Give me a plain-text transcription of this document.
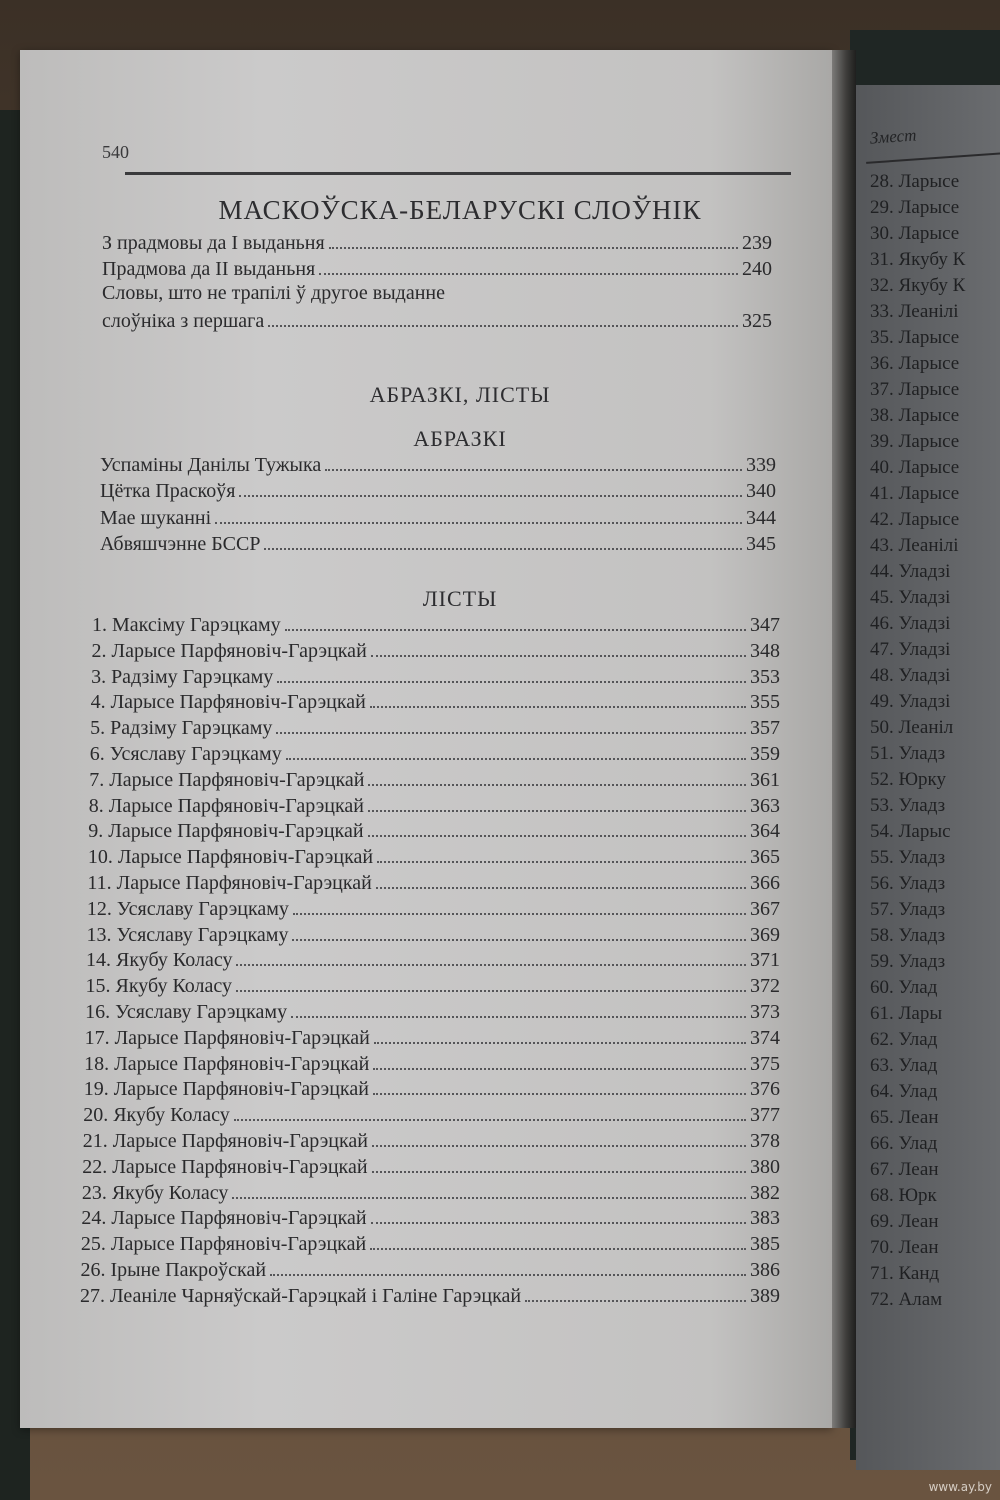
540
МАСКОЎСКА-БЕЛАРУСКІ СЛОЎНІК
З прадмовы да I выданьня	239
Прадмова да II выданьня	240
Словы, што не трапілі ў другое выданне
слоўніка з першага	325
АБРАЗКІ, ЛІСТЫ
АБРАЗКІ
Успаміны Данілы Тужыка	339
Цётка Праскоўя	340
Мае шуканні	344
Абвяшчэнне БССР	345
ЛІСТЫ
1. Максіму Гарэцкаму	347
2. Ларысе Парфяновіч-Гарэцкай	348
3. Радзіму Гарэцкаму	353
4. Ларысе Парфяновіч-Гарэцкай	355
5. Радзіму Гарэцкаму	357
6. Усяславу Гарэцкаму	359
7. Ларысе Парфяновіч-Гарэцкай	361
8. Ларысе Парфяновіч-Гарэцкай	363
9. Ларысе Парфяновіч-Гарэцкай	364
10. Ларысе Парфяновіч-Гарэцкай	365
11. Ларысе Парфяновіч-Гарэцкай	366
12. Усяславу Гарэцкаму	367
13. Усяславу Гарэцкаму	369
14. Якубу Коласу	371
15. Якубу Коласу	372
16. Усяславу Гарэцкаму	373
17. Ларысе Парфяновіч-Гарэцкай	374
18. Ларысе Парфяновіч-Гарэцкай	375
19. Ларысе Парфяновіч-Гарэцкай	376
20. Якубу Коласу	377
21. Ларысе Парфяновіч-Гарэцкай	378
22. Ларысе Парфяновіч-Гарэцкай	380
23. Якубу Коласу	382
24. Ларысе Парфяновіч-Гарэцкай	383
25. Ларысе Парфяновіч-Гарэцкай	385
26. Ірыне Пакроўскай	386
27. Леаніле Чарняўскай-Гарэцкай і Галіне Гарэцкай	389
Змест
28. Ларысе
29. Ларысе
30. Ларысе
31. Якубу К
32. Якубу К
33. Леанілі
35. Ларысе
36. Ларысе
37. Ларысе
38. Ларысе
39. Ларысе
40. Ларысе
41. Ларысе
42. Ларысе
43. Леанілі
44. Уладзі
45. Уладзі
46. Уладзі
47. Уладзі
48. Уладзі
49. Уладзі
50. Леаніл
51. Уладз
52. Юрку
53. Уладз
54. Ларыс
55. Уладз
56. Уладз
57. Уладз
58. Уладз
59. Уладз
60. Улад
61. Лары
62. Улад
63. Улад
64. Улад
65. Леан
66. Улад
67. Леан
68. Юрк
69. Леан
70. Леан
71. Канд
72. Алам
www.ay.by
